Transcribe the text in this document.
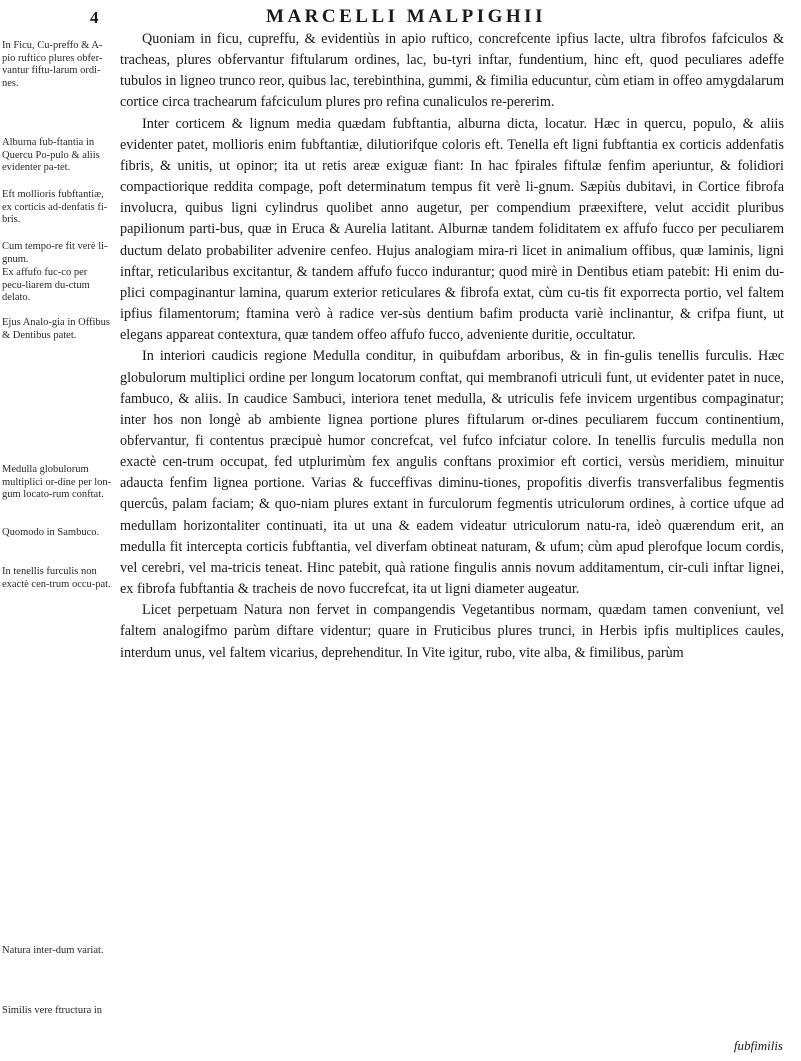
4	MARCELLI MALPIGHII
In Ficu, Cu-preffo & A-pio ruftico plures obfer-vantur fiftu-larum ordi-nes.
Alburna fub-ftantia in Quercu Po-pulo & aliis evidenter pa-tet.
Eft mollioris fubftantiæ, ex corticis ad-denfatis fi-bris.
Cum tempo-re fit verè li-gnum.
Ex affufo fuc-co per pecu-liarem du-ctum delato.
Ejus Analo-gia in Offibus & Dentibus patet.
Medulla globulorum multiplici or-dine per lon-gum locato-rum conftat.
Quomodo in Sambuco.
In tenellis furculis non exactè cen-trum occu-pat.
Natura inter-dum variat.
Similis vere ftructura in

Quoniam in ficu, cupreffu, & evidentiùs in apio ruftico, concrefcente ipfius lacte, ultra fibrofos fafciculos & tracheas, plures obfervantur fiftularum ordines, lac, bu-tyri inftar, fundentium, hinc eft, quod peculiares adeffe tubulos in ligneo trunco reor, quibus lac, terebinthina, gummi, & fimilia educuntur, cùm etiam in offeo amygdalarum cortice circa trachearum fafciculum plures pro refina cunaliculos re-pererim.

Inter corticem & lignum media quædam fubftantia, alburna dicta, locatur. Hæc in quercu, populo, & aliis evidenter patet, mollioris enim fubftantiæ, dilutiorifque coloris eft. Tenella eft ligni fubftantia ex corticis addenfatis fibris, & unitis, ut opinor; ita ut retis areæ exiguæ fiant: In hac fpirales fiftulæ fenfim aperiuntur, & folidiori compactiorique reddita compage, poft determinatum tempus fit verè li-gnum. Sæpiùs dubitavi, in Cortice fibrofa involucra, quibus ligni cylindrus quolibet anno augetur, per compendium præexiftere, velut accidit pluribus papilionum parti-bus, quæ in Eruca & Aurelia latitant. Alburnæ tandem foliditatem ex affufo fucco per peculiarem ductum delato probabiliter advenire cenfeo. Hujus analogiam mira-ri licet in animalium offibus, quæ laminis, ligni inftar, reticularibus excitantur, & tandem affufo fucco indurantur; quod mirè in Dentibus etiam patebit: Hi enim du-plici compaginantur lamina, quarum exterior reticulares & fibrofa extat, cùm cu-tis fit exporrecta portio, vel faltem ipfius filamentorum; ftamina verò à radice ver-sùs dentium bafim producta variè inclinantur, & crifpa fiunt, ut elegans appareat contextura, quæ tandem offeo affufo fucco, adveniente duritie, occultatur.

In interiori caudicis regione Medulla conditur, in quibufdam arboribus, & in fin-gulis tenellis furculis. Hæc globulorum multiplici ordine per longum locatorum conftat, qui membranofi utriculi funt, ut evidenter patet in nuce, fambuco, & aliis. In caudice Sambuci, interiora tenet medulla, & utriculis fefe invicem urgentibus compaginatur; inter hos non longè ab ambiente lignea portione plures fiftularum or-dines peculiarem fuccum continentium, obfervantur, fi contentus præcipuè humor concrefcat, vel fufco infciatur colore. In tenellis furculis medulla non exactè cen-trum occupat, fed utplurimùm fex angulis conftans proximior eft cortici, versùs meridiem, minuitur adaucta fenfim lignea portione. Varias & fucceffivas diminu-tiones, propofitis diverfis transverfalibus fegmentis quercûs, palam faciam; & quo-niam plures extant in furculorum fegmentis utriculorum ordines, à cortice ufque ad medullam horizontaliter continuati, ita ut una & eadem videatur utriculorum natu-ra, ideò quærendum erit, an medulla fit intercepta corticis fubftantia, vel diverfam obtineat naturam, & ufum; cùm apud plerofque locum cordis, vel cerebri, vel ma-tricis teneat. Hinc patebit, quà ratione fingulis annis novum additamentum, cir-culi inftar lignei, ex fibrofa fubftantia & tracheis de novo fuccrefcat, ita ut ligni diameter augeatur.

Licet perpetuam Natura non fervet in compangendis Vegetantibus normam, quædam tamen conveniunt, vel faltem analogifmo parùm diftare videntur; quare in Fruticibus plures trunci, in Herbis ipfis multiplices caules, interdum unus, vel faltem vicarius, deprehenditur. In Vite igitur, rubo, vite alba, & fimilibus, parùm

fubfimilis
